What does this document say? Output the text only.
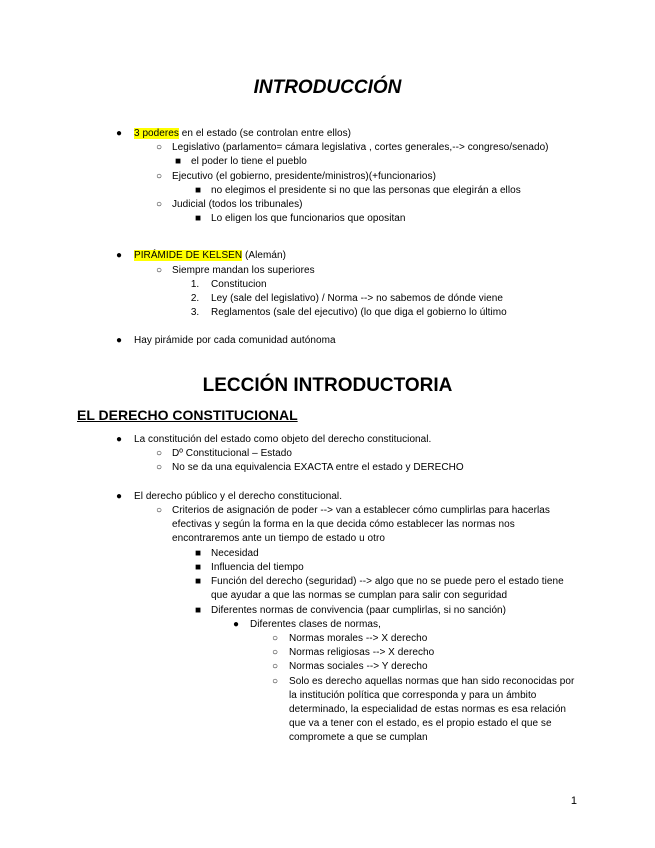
INTRODUCCIÓN
● 3 poderes en el estado (se controlan entre ellos)
○ Legislativo (parlamento= cámara legislativa , cortes generales,--> congreso/senado)
■ el poder lo tiene el pueblo
○ Ejecutivo (el gobierno, presidente/ministros)(+funcionarios)
■ no elegimos el presidente si no que las personas que elegirán a ellos
○ Judicial (todos los tribunales)
■ Lo eligen los que funcionarios que opositan
● PIRÁMIDE DE KELSEN (Alemán)
○ Siempre mandan los superiores
1. Constitucion
2. Ley (sale del legislativo) / Norma --> no sabemos de dónde viene
3. Reglamentos (sale del ejecutivo) (lo que diga el gobierno lo último
● Hay pirámide por cada comunidad autónoma
LECCIÓN INTRODUCTORIA
EL DERECHO CONSTITUCIONAL
● La constitución del estado como objeto del derecho constitucional.
○ Dº Constitucional – Estado
○ No se da una equivalencia EXACTA entre el estado y DERECHO
● El derecho público y el derecho constitucional.
○ Criterios de asignación de poder --> van a establecer cómo cumplirlas para hacerlas efectivas y según la forma en la que decida cómo establecer las normas nos encontraremos ante un tiempo de estado u otro
■ Necesidad
■ Influencia del tiempo
■ Función del derecho (seguridad) --> algo que no se puede pero el estado tiene que ayudar a que las normas se cumplan para salir con seguridad
■ Diferentes normas de convivencia (paar cumplirlas, si no sanción)
● Diferentes clases de normas,
○ Normas morales --> X derecho
○ Normas religiosas --> X derecho
○ Normas sociales --> Y derecho
○ Solo es derecho aquellas normas que han sido reconocidas por la institución política que corresponda y para un ámbito determinado, la especialidad de estas normas es esa relación que va a tener con el estado, es el propio estado el que se compromete a que se cumplan
1
